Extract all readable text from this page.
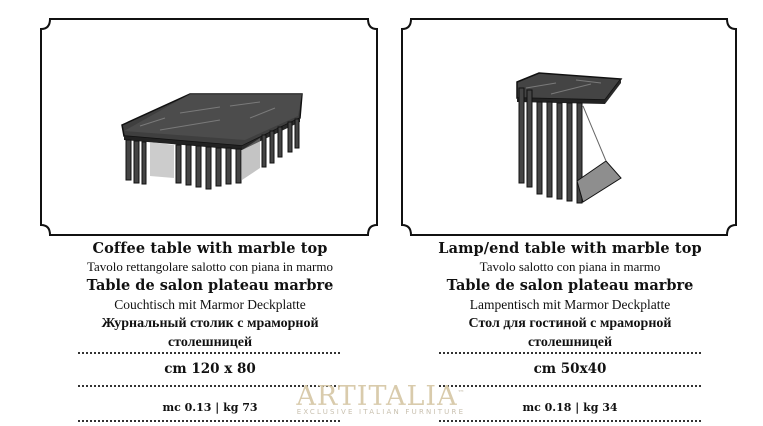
Coffee table with marble top
Tavolo rettangolare salotto con piana in marmo
Table de salon plateau marbre
Couchtisch mit Marmor Deckplatte
Журнальный столик с мраморной
столешницей
cm 120 x 80
mc 0.13 | kg 73
Lamp/end table with marble top
Tavolo salotto con piana in marmo
Table de salon plateau marbre
Lampentisch mit Marmor Deckplatte
Стол для гостиной с мраморной
столешницей
cm 50x40
mc 0.18 | kg 34
ARTITALIA™
EXCLUSIVE ITALIAN FURNITURE
